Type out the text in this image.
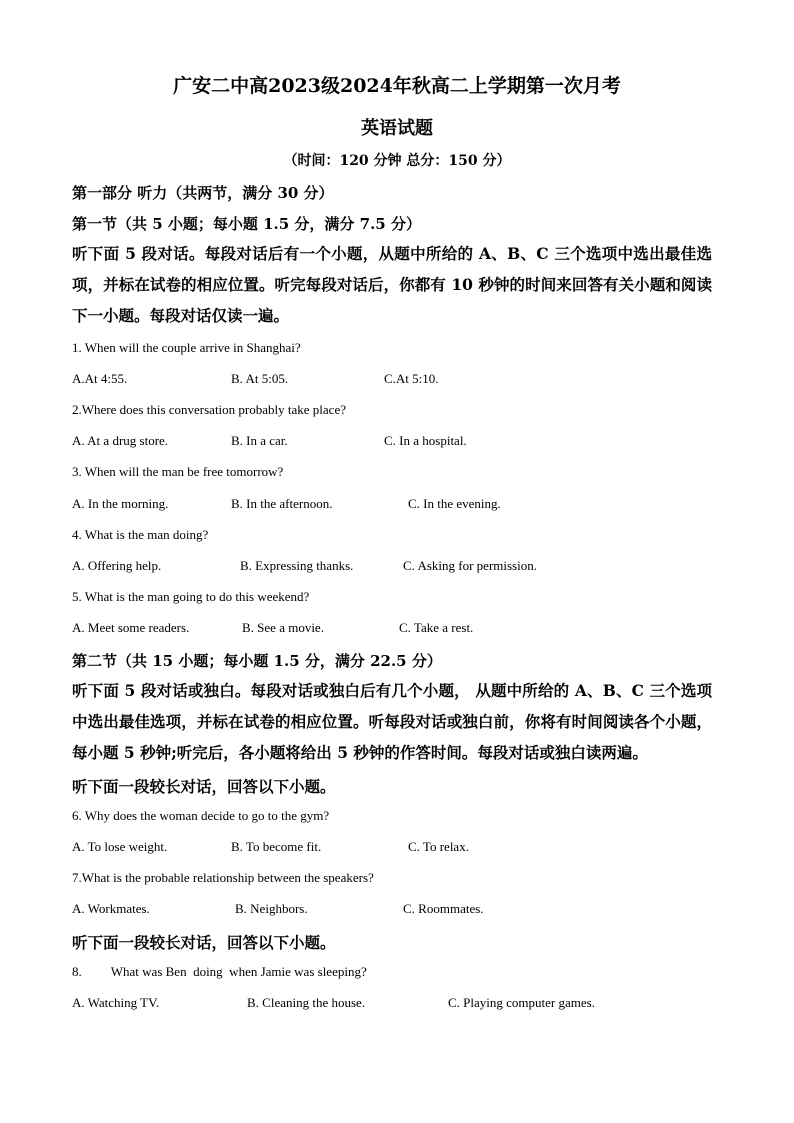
广安二中高2023级2024年秋高二上学期第一次月考
英语试题
（时间：120 分钟 总分：150 分）
第一部分 听力（共两节，满分 30 分）
第一节（共 5 小题；每小题 1.5 分，满分 7.5 分）
听下面 5 段对话。每段对话后有一个小题，从题中所给的 A、B、C 三个选项中选出最佳选项，并标在试卷的相应位置。听完每段对话后，你都有 10 秒钟的时间来回答有关小题和阅读下一小题。每段对话仅读一遍。
1. When will the couple arrive in Shanghai?
A.At 4:55.	B. At 5:05.	C.At 5:10.
2.Where does this conversation probably take place?
A. At a drug store.	B. In a car.	C. In a hospital.
3. When will the man be free tomorrow?
A. In the morning.	B. In the afternoon.	C. In the evening.
4. What is the man doing?
A. Offering help.	B. Expressing thanks.	C. Asking for permission.
5. What is the man going to do this weekend?
A. Meet some readers.	B. See a movie.	C. Take a rest.
第二节（共 15 小题；每小题 1.5 分，满分 22.5 分）
听下面 5 段对话或独白。每段对话或独白后有几个小题， 从题中所给的 A、B、C 三个选项中选出最佳选项，并标在试卷的相应位置。听每段对话或独白前，你将有时间阅读各个小题，每小题 5 秒钟;听完后，各小题将给出 5 秒钟的作答时间。每段对话或独白读两遍。
听下面一段较长对话，回答以下小题。
6. Why does the woman decide to go to the gym?
A. To lose weight.	B. To become fit.	C. To relax.
7.What is the probable relationship between the speakers?
A. Workmates.	B. Neighbors.	C. Roommates.
听下面一段较长对话，回答以下小题。
8.         What was Ben  doing  when Jamie was sleeping?
A. Watching TV.	B. Cleaning the house.	C. Playing computer games.
